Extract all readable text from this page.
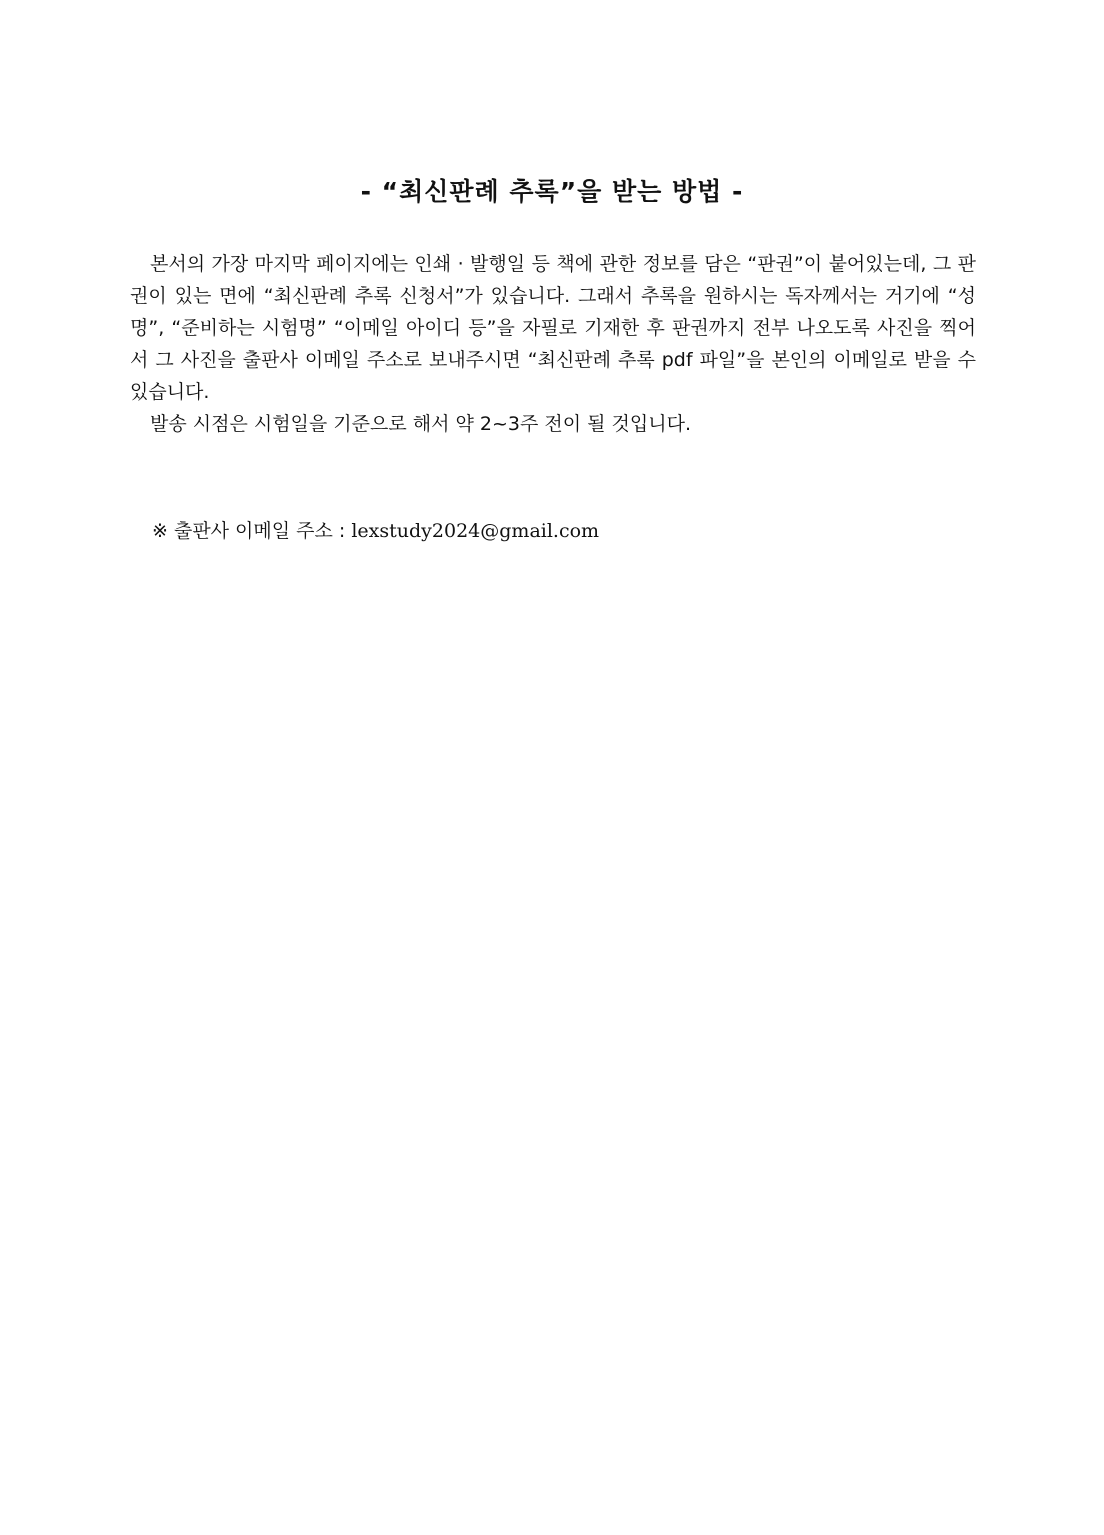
- “최신판례 추록”을 받는 방법 -

본서의 가장 마지막 페이지에는 인쇄 · 발행일 등 책에 관한 정보를 담은 “판권”이 붙어있는데, 그 판권이 있는 면에 “최신판례 추록 신청서”가 있습니다. 그래서 추록을 원하시는 독자께서는 거기에 “성명”, “준비하는 시험명” “이메일 아이디 등”을 자필로 기재한 후 판권까지 전부 나오도록 사진을 찍어서 그 사진을 출판사 이메일 주소로 보내주시면 “최신판례 추록 pdf 파일”을 본인의 이메일로 받을 수 있습니다.

발송 시점은 시험일을 기준으로 해서 약 2~3주 전이 될 것입니다.

※ 출판사 이메일 주소 : lexstudy2024@gmail.com
